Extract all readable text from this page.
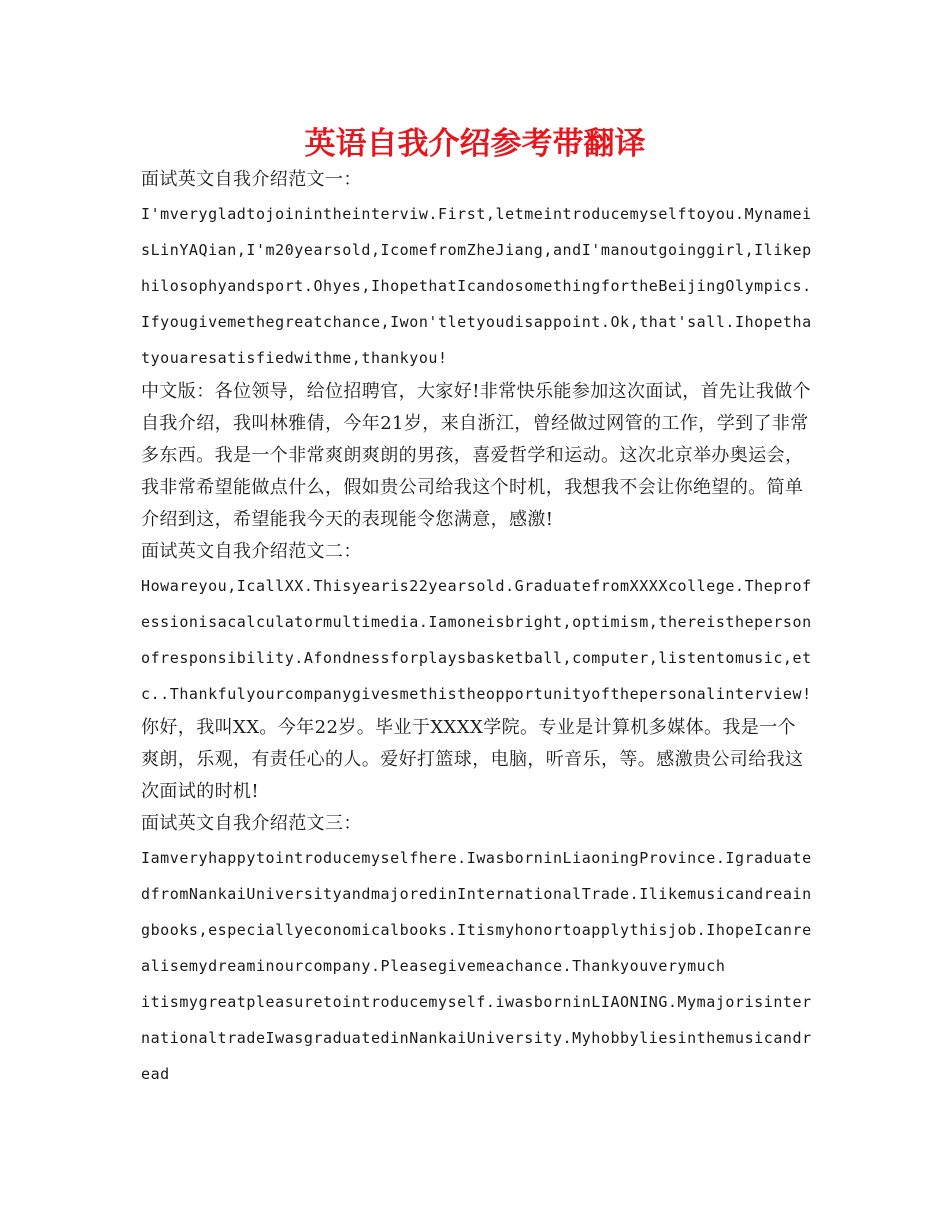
英语自我介绍参考带翻译

面试英文自我介绍范文一：

I'mverygladtojoinintheinterviw.First,letmeintroducemyselftoyou.MynameisLinYAQian,I'm20yearsold,IcomefromZheJiang,andI'manoutgoinggirl,Ilikephilosophyandsport.Ohyes,IhopethatIcandosomethingfortheBeijingOlympics.Ifyougivemethegreatchance,Iwon'tletyoudisappoint.Ok,that'sall.Ihopethatyouaresatisfiedwithme,thankyou!

中文版：各位领导，给位招聘官，大家好!非常快乐能参加这次面试，首先让我做个自我介绍，我叫林雅倩，今年21岁，来自浙江，曾经做过网管的工作，学到了非常多东西。我是一个非常爽朗爽朗的男孩，喜爱哲学和运动。这次北京举办奥运会，我非常希望能做点什么，假如贵公司给我这个时机，我想我不会让你绝望的。简单介绍到这，希望能我今天的表现能令您满意，感激!

面试英文自我介绍范文二：

Howareyou,IcallXX.Thisyearis22yearsold.GraduatefromXXXXcollege.Theprofessionisacalculatormultimedia.Iamoneisbright,optimism,thereisthepersonofresponsibility.Afondnessforplaysbasketball,computer,listentomusic,etc..Thankfulyourcompanygivesmethistheopportunityofthepersonalinterview!

你好，我叫XX。今年22岁。毕业于XXXX学院。专业是计算机多媒体。我是一个爽朗，乐观，有责任心的人。爱好打篮球，电脑，听音乐，等。感激贵公司给我这次面试的时机!

面试英文自我介绍范文三：

Iamveryhappytointroducemyselfhere.IwasborninLiaoningProvince.IgraduatedfromNankaiUniversityandmajoredinInternationalTrade.Ilikemusicandreaingbooks,especiallyeconomicalbooks.Itismyhonortoapplythisjob.IhopeIcanrealisemydreaminourcompany.Pleasegivemeachance.Thankyouverymuch
itismygreatpleasuretointroducemyself.iwasborninLIAONING.MymajorisinternationaltradeIwasgraduatedinNankaiUniversity.Myhobbyliesinthemusicandread
